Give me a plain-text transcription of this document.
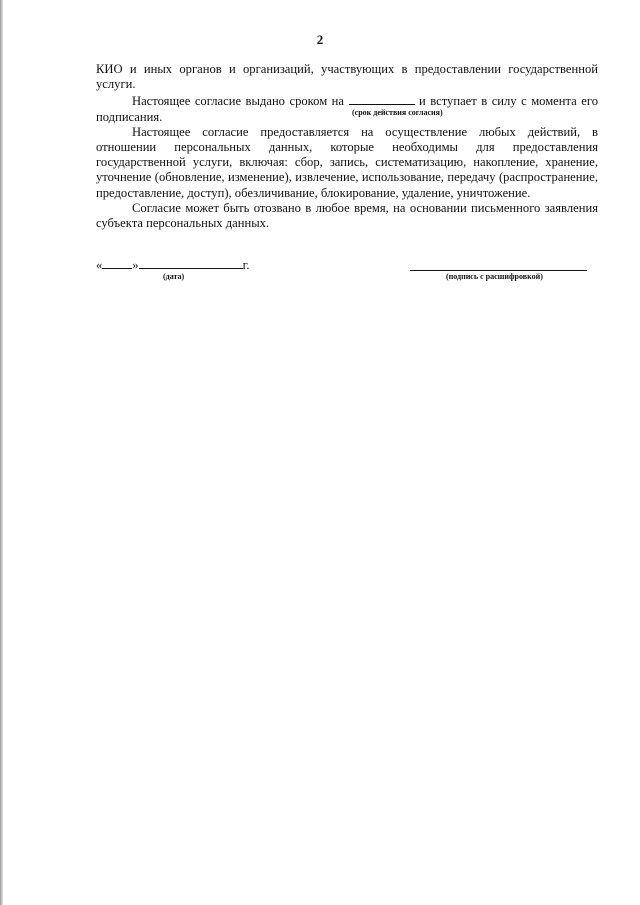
2

КИО и иных органов и организаций, участвующих в предоставлении государственной услуги.

Настоящее согласие выдано сроком на	и вступает в силу с момента его подписания.

Настоящее согласие предоставляется на осуществление любых действий, в отношении персональных данных, которые необходимы для предоставления государственной услуги, включая: сбор, запись, систематизацию, накопление, хранение, уточнение (обновление, изменение), извлечение, использование, передачу (распространение, предоставление, доступ), обезличивание, блокирование, удаление, уничтожение.

Согласие может быть отозвано в любое время, на основании письменного заявления субъекта персональных данных.

(срок действия согласия)
« »	г.
(дата)	(подпись с расшифровкой)
